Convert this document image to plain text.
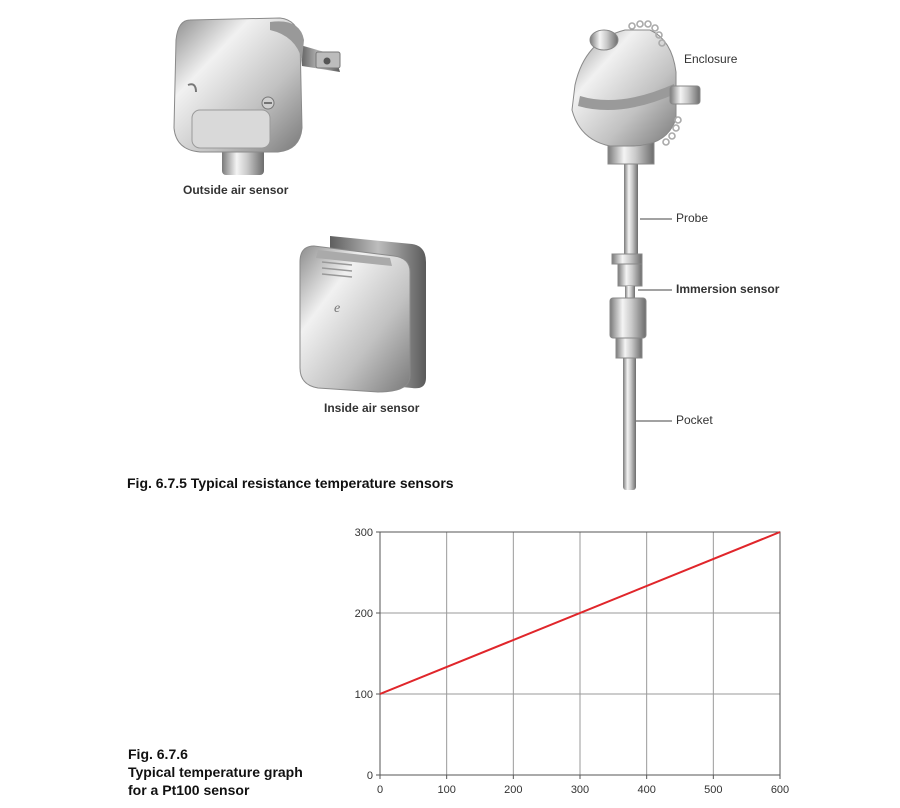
e
Outside air sensor
Inside air sensor
Enclosure
Probe
Immersion sensor
Pocket
Fig. 6.7.5 Typical resistance temperature sensors
Fig. 6.7.6
Typical temperature graph
for a Pt100 sensor	0	100	200	300	400	500	600
0
100
200
300
